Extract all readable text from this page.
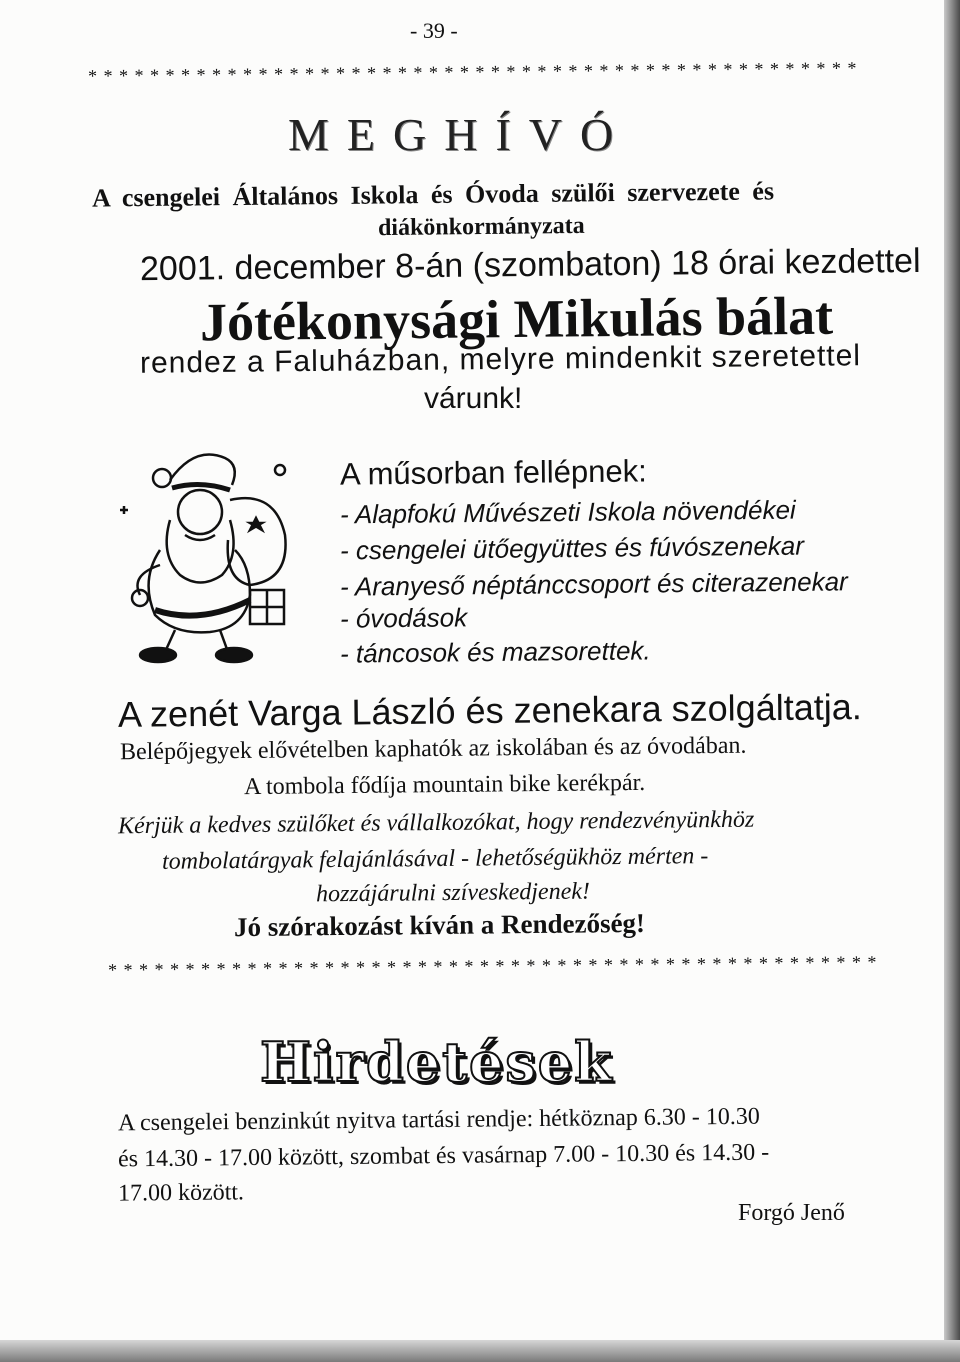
- 39 -
* * * * * * * * * * * * * * * * * * * * * * * * * * * * * * * * * * * * * * * * * * * * * * * * * *
MEGHÍVÓ
A csengelei Általános Iskola és Óvoda szülői szervezete és
diákönkormányzata
2001. december 8-án (szombaton) 18 órai kezdettel
Jótékonysági Mikulás bálat
rendez a Faluházban, melyre mindenkit szeretettel
várunk!
A műsorban fellépnek:
- Alapfokú Művészeti Iskola növendékei
- csengelei ütőegyüttes és fúvószenekar
- Aranyeső néptánccsoport és citerazenekar
- óvodások
- táncosok és mazsorettek.
A zenét Varga László és zenekara szolgáltatja.
Belépőjegyek elővételben kaphatók az iskolában és az óvodában.
A tombola fődíja mountain bike kerékpár.
Kérjük a kedves szülőket és vállalkozókat, hogy rendezvényünkhöz
tombolatárgyak felajánlásával - lehetőségükhöz mérten -
hozzájárulni szíveskedjenek!
Jó szórakozást kíván a Rendezőség!
* * * * * * * * * * * * * * * * * * * * * * * * * * * * * * * * * * * * * * * * * * * * * * * * * *
Hirdetések
A csengelei benzinkút nyitva tartási rendje: hétköznap 6.30 - 10.30
és 14.30 - 17.00 között, szombat és vasárnap 7.00 - 10.30 és 14.30 -
17.00 között.
Forgó Jenő
